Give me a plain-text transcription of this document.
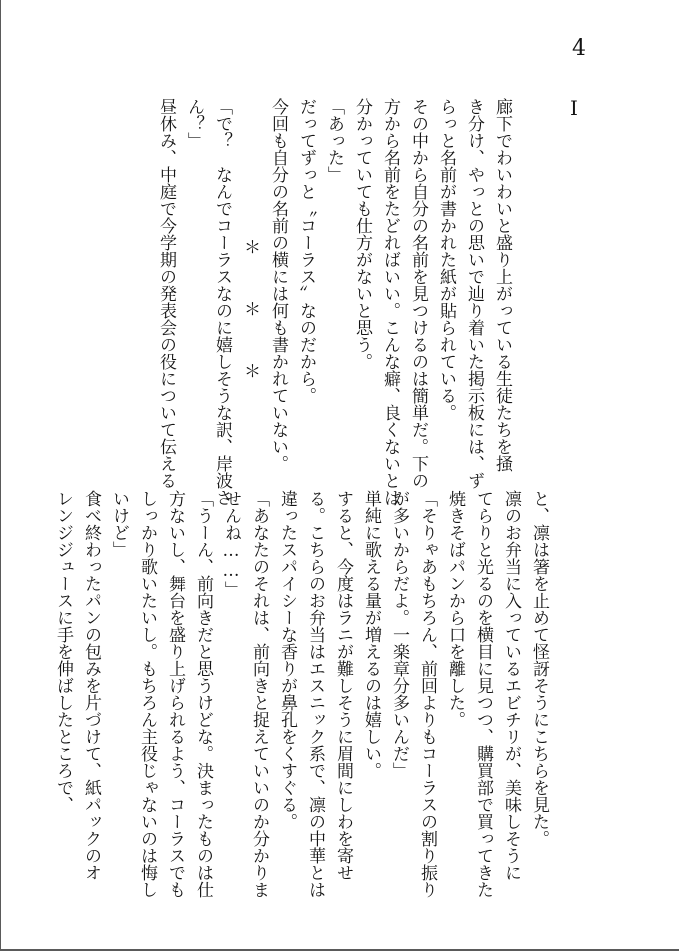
4
I
廊下でわいわいと盛り上がっている生徒たちを掻
き分け、やっとの思いで辿り着いた掲示板には、ず
らっと名前が書かれた紙が貼られている。
その中から自分の名前を見つけるのは簡単だ。下の
方から名前をたどればいい。こんな癖、良くないとは
分かっていても仕方がないと思う。
「あった」
だってずっと〝コーラス〟なのだから。
今回も自分の名前の横には何も書かれていない。
＊　＊　＊
「で？　なんでコーラスなのに嬉しそうな訳、岸波さ
ん？」
昼休み、中庭で今学期の発表会の役について伝える
と、凛は箸を止めて怪訝そうにこちらを見た。
凛のお弁当に入っているエビチリが、美味しそうに
てらりと光るのを横目に見つつ、購買部で買ってきた
焼きそばパンから口を離した。
「そりゃあもちろん、前回よりもコーラスの割り振り
が多いからだよ。一楽章分多いんだ」
単純に歌える量が増えるのは嬉しい。
すると、今度はラニが難しそうに眉間にしわを寄せ
る。こちらのお弁当はエスニック系で、凛の中華とは
違ったスパイシーな香りが鼻孔をくすぐる。
「あなたのそれは、前向きと捉えていいのか分かりま
せんね……」
「うーん、前向きだと思うけどな。決まったものは仕
方ないし、舞台を盛り上げられるよう、コーラスでも
しっかり歌いたいし。もちろん主役じゃないのは悔し
いけど」
食べ終わったパンの包みを片づけて、紙パックのオ
レンジジュースに手を伸ばしたところで、
